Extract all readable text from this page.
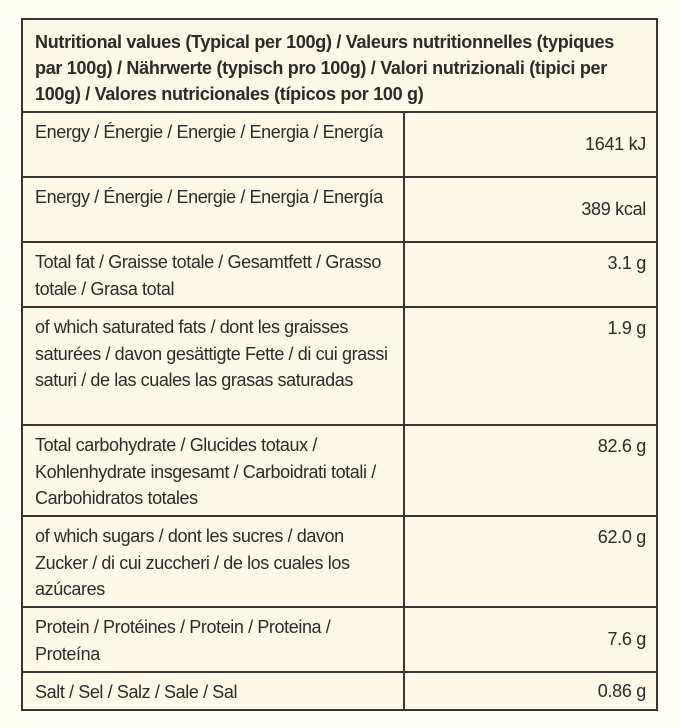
Nutritional values (Typical per 100g) / Valeurs nutritionnelles (typiques par 100g) / Nährwerte (typisch pro 100g) / Valori nutrizionali (tipici per 100g) / Valores nutricionales (típicos por 100 g)
Energy / Énergie / Energie / Energia / Energía
1641 kJ
Energy / Énergie / Energie / Energia / Energía
389 kcal
Total fat / Graisse totale / Gesamtfett / Grasso totale / Grasa total
3.1 g
of which saturated fats / dont les graisses saturées / davon gesättigte Fette / di cui grassi saturi / de las cuales las grasas saturadas
1.9 g
Total carbohydrate / Glucides totaux / Kohlenhydrate insgesamt / Carboidrati totali / Carbohidratos totales
82.6 g
of which sugars / dont les sucres / davon Zucker / di cui zuccheri / de los cuales los azúcares
62.0 g
Protein / Protéines / Protein / Proteina / Proteína
7.6 g
Salt / Sel / Salz / Sale / Sal	0.86 g
